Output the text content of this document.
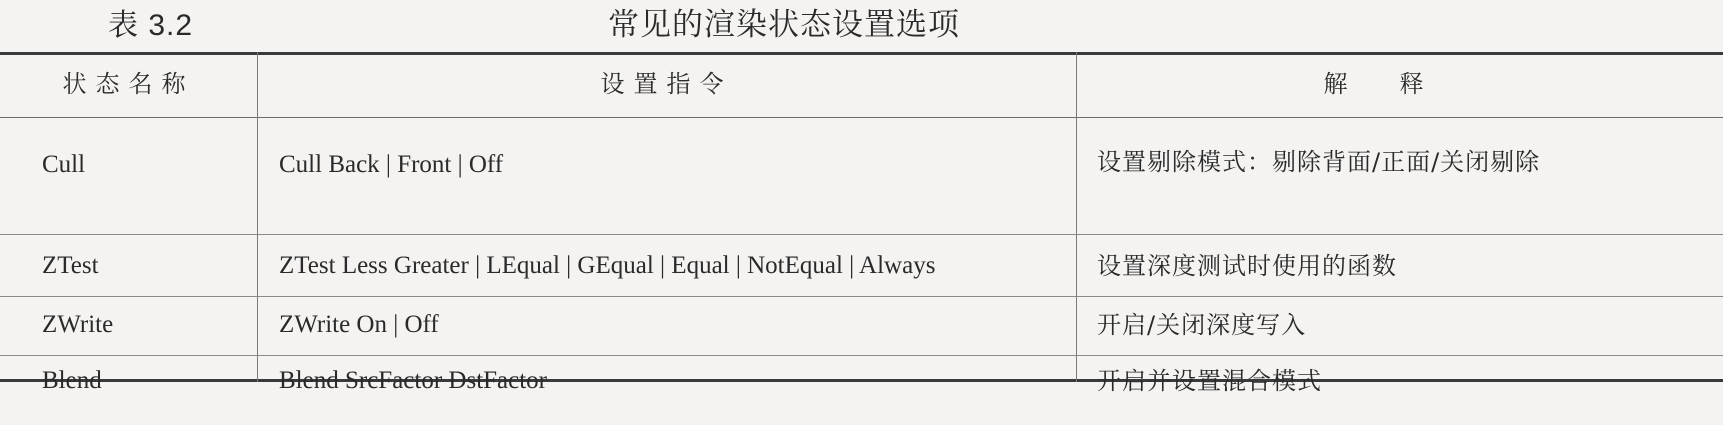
表 3.2	常见的渲染状态设置选项
状态名称	设置指令	解释
Cull	Cull Back | Front | Off	设置剔除模式：剔除背面/正面/关闭剔除
ZTest	ZTest Less Greater | LEqual | GEqual | Equal | NotEqual | Always	设置深度测试时使用的函数
ZWrite	ZWrite On | Off	开启/关闭深度写入
Blend	Blend SrcFactor DstFactor	开启并设置混合模式
